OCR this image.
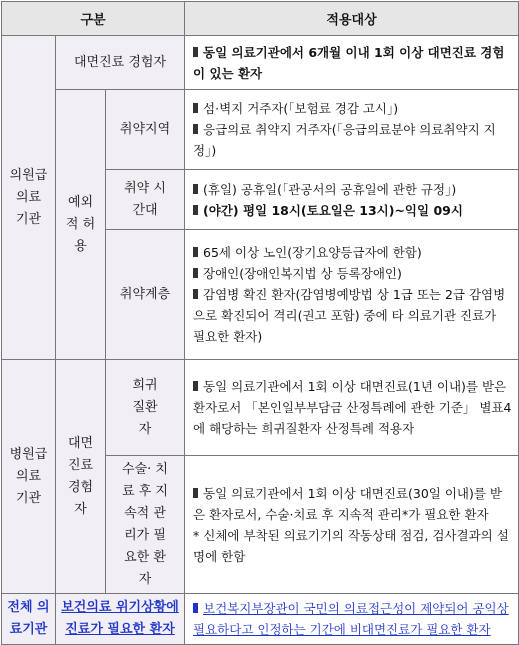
구분			적용대상
의원급 의료 기관	대면진료 경험자		동일 의료기관에서 6개월 이내 1회 이상 대면진료 경험이 있는 환자
	예외적 허용	취약지역	섬·벽지 거주자(「보험료 경감 고시」)
응급의료 취약지 거주자(「응급의료분야 의료취약지 지정」)

		취약 시간대	(휴일) 공휴일(「관공서의 공휴일에 관한 규정」)
(야간) 평일 18시(토요일은 13시)~익일 09시

		취약계층	65세 이상 노인(장기요양등급자에 한함)
장애인(장애인복지법 상 등록장애인)
감염병 확진 환자(감염병예방법 상 1급 또는 2급 감염병으로 확진되어 격리(권고 포함) 중에 타 의료기관 진료가 필요한 환자)

병원급 의료 기관	대면 진료 경험자	희귀 질환자	동일 의료기관에서 1회 이상 대면진료(1년 이내)를 받은 환자로서 「본인일부부담금 산정특례에 관한 기준」 별표4에 해당하는 희귀질환자 산정특례 적용자
		수술· 치료 후 지속적 관리가 필요한 환자	동일 의료기관에서 1회 이상 대면진료(30일 이내)를 받은 환자로서, 수술·치료 후 지속적 관리*가 필요한 환자
* 신체에 부착된 의료기기의 작동상태 점검, 검사결과의 설명에 한함

전체 의료기관	보건의료 위기상황에 진료가 필요한 환자		보건복지부장관이 국민의 의료접근성이 제약되어 공익상 필요하다고 인정하는 기간에 비대면진료가 필요한 환자
